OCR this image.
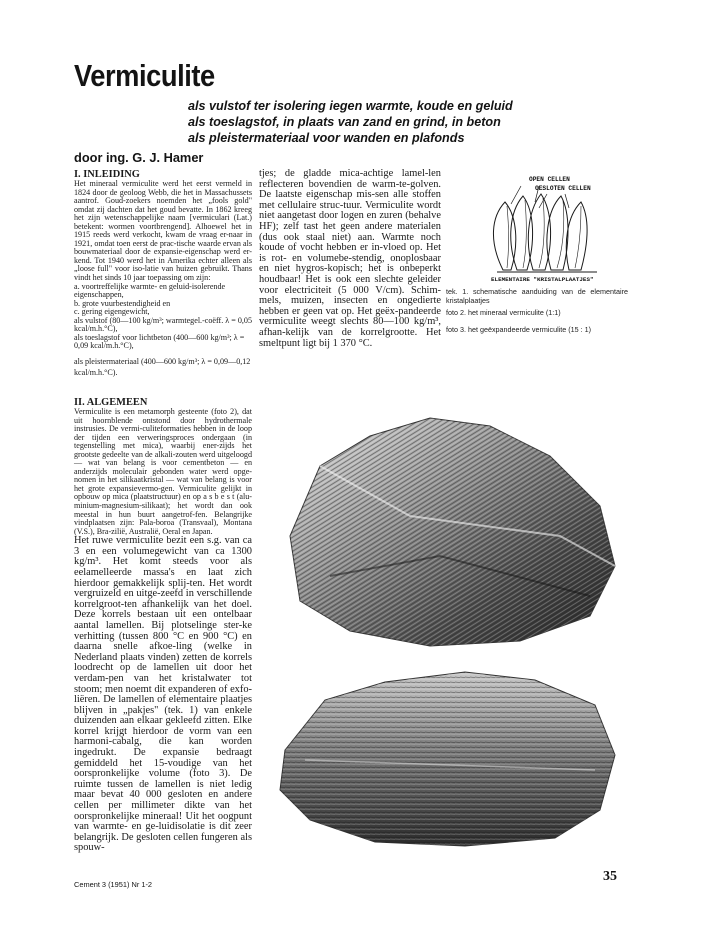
Vermiculite
als vulstof ter isolering iegen warmte, koude en geluid
als toeslagstof, in plaats van zand en grind, in beton
als pleistermateriaal voor wanden en plafonds
door ing. G. J. Hamer
I. INLEIDING

Het mineraal vermiculite werd het eerst vermeld in 1824 door de geoloog Webb, die het in Massachussets aantrof. Goud-zoekers noemden het „fools gold" omdat zij dachten dat het goud bevatte. In 1862 kreeg het zijn wetenschappelijke naam [vermiculari (Lat.) betekent: wormen voortbrengend]. Alhoewel het in 1915 reeds werd verkocht, kwam de vraag er-naar in 1921, omdat toen eerst de prac-tische waarde ervan als bouwmateriaal door de expansie-eigenschap werd er-kend. Tot 1940 werd het in Amerika echter alleen als „loose full" voor iso-latie van huizen gebruikt. Thans vindt het sinds 10 jaar toepassing om zijn:

a. voortreffelijke warmte- en geluid-isolerende eigenschappen,
b. grote vuurbestendigheid en
c. gering eigengewicht,
als vulstof (80—100 kg/m³; warmtegel.-coëff. λ = 0,05 kcal/m.h.°C),
als toeslagstof voor lichtbeton (400—600 kg/m³; λ = 0,09 kcal/m.h.°C),
als pleistermateriaal (400—600 kg/m³; λ = 0,09—0,12 kcal/m.h.°C).
II. ALGEMEEN

Vermiculite is een metamorph gesteente (foto 2), dat uit hoornblende ontstond door hydrothermale instrusies. De vermi-culiteformaties hebben in de loop der tijden een verweringsproces ondergaan (in tegenstelling met mica), waarbij ener-zijds het grootste gedeelte van de alkali-zouten werd uitgeloogd — wat van belang is voor cementbeton — en anderzijds moleculair gebonden water werd opge-nomen in het silikaatkristal — wat van belang is voor het grote expansievermo-gen. Vermiculite gelijkt in opbouw op mica (plaatstructuur) en op a s b e s t (alu-minium-magnesium-silikaat); het wordt dan ook meestal in hun buurt aangetrof-fen. Belangrijke vindplaatsen zijn: Pala-boroa (Transvaal), Montana (V.S.), Bra-zilië, Australië, Oeral en Japan.

Het ruwe vermiculite bezit een s.g. van ca 3 en een volumegewicht van ca 1300 kg/m³. Het komt steeds voor als eelamelleerde massa's en laat zich hierdoor gemakkelijk splij-ten. Het wordt vergruizeld en uitge-zeefd in verschillende korrelgroot-ten afhankelijk van het doel. Deze korrels bestaan uit een ontelbaar aantal lamellen. Bij plotselinge ster-ke verhitting (tussen 800 °C en 900 °C) en daarna snelle afkoe-ling (welke in Nederland plaats vinden) zetten de korrels loodrecht op de lamellen uit door het verdam-pen van het kristalwater tot stoom; men noemt dit expanderen of exfo-liëren. De lamellen of elementaire plaatjes blijven in „pakjes" (tek. 1) van enkele duizenden aan elkaar gekleefd zitten. Elke korrel krijgt hierdoor de vorm van een harmoni-cabalg, die kan worden ingedrukt. De expansie bedraagt gemiddeld het 15-voudige van het oorspronkelijke volume (foto 3). De ruimte tussen de lamellen is niet ledig maar bevat 40 000 gesloten en andere cellen per millimeter dikte van het oorspronkelijke mineraal! Uit het oogpunt van warmte- en ge-luidisolatie is dit zeer belangrijk. De gesloten cellen fungeren als spouw-

tjes; de gladde mica-achtige lamel-len reflecteren bovendien de warm-te-golven. De laatste eigenschap mis-sen alle stoffen met cellulaire struc-tuur. Vermiculite wordt niet aangetast door logen en zuren (behalve HF); zelf tast het geen andere materialen (dus ook staal niet) aan. Warmte noch koude of vocht hebben er in-vloed op. Het is rot- en volumebe-stendig, onoplosbaar en niet hygros-kopisch; het is onbeperkt houdbaar! Het is ook een slechte geleider voor electriciteit (5 000 V/cm). Schim-mels, muizen, insecten en ongedierte hebben er geen vat op. Het geëx-pandeerde vermiculite weegt slechts 80—100 kg/m³, afhan-kelijk van de korrelgrootte. Het smeltpunt ligt bij 1 370 °C.

OPEN CELLEN
GESLOTEN CELLEN
ELEMENTAIRE "KRISTALPLAATJES"
tek. 1. schematische aanduiding van de elementaire kristalplaatjes
foto 2. het mineraal vermiculite (1:1)
foto 3. het geëxpandeerde vermiculite (15 : 1)
Cement 3 (1951) Nr 1-2
35
